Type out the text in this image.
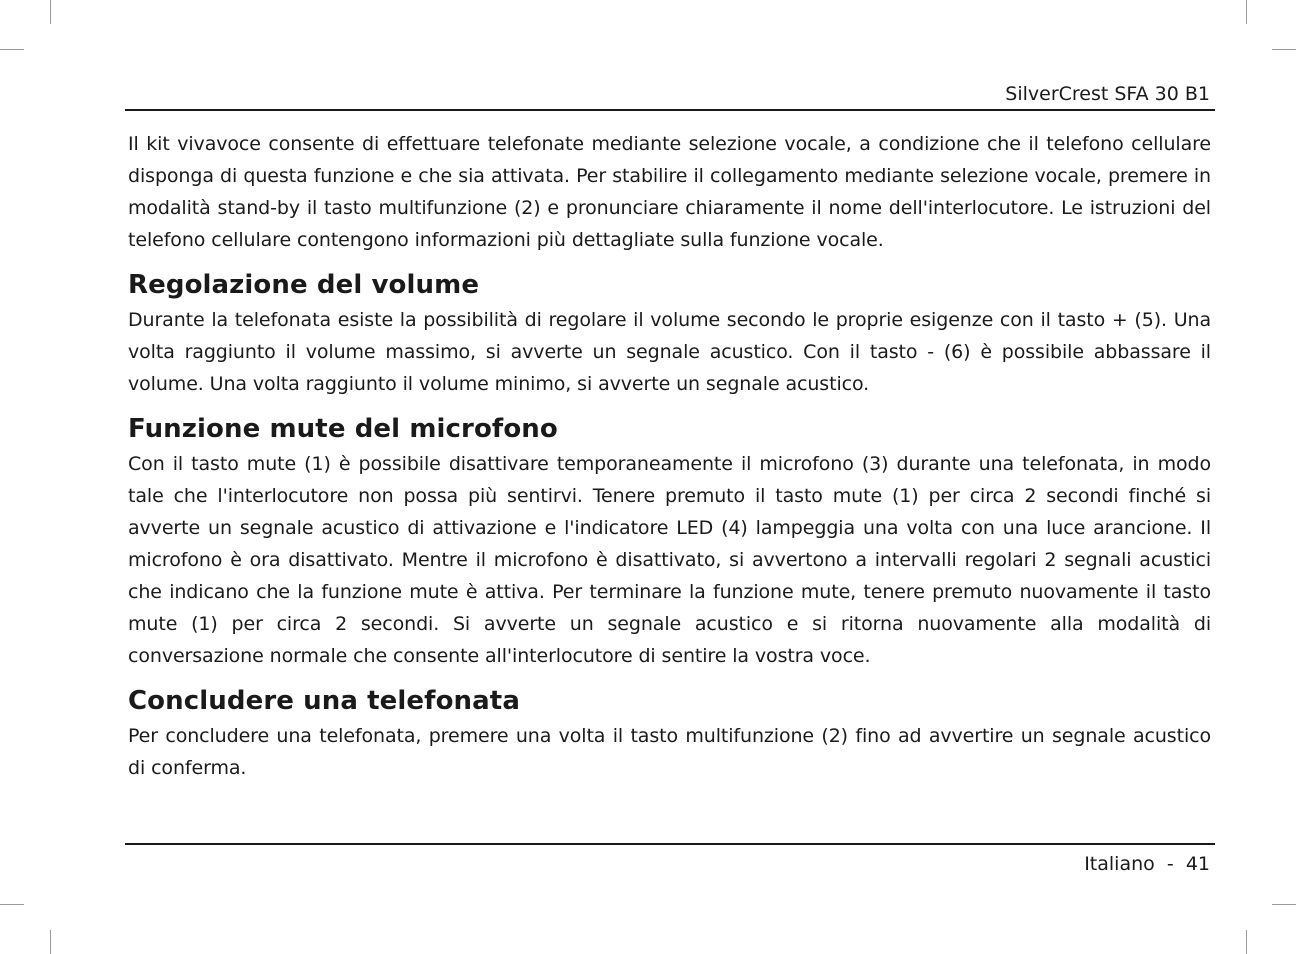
SilverCrest SFA 30 B1

Il kit vivavoce consente di effettuare telefonate mediante selezione vocale, a condizione che il telefono cellulare disponga di questa funzione e che sia attivata. Per stabilire il collegamento mediante selezione vocale, premere in modalità stand-by il tasto multifunzione (2) e pronunciare chiaramente il nome dell'interlocutore. Le istruzioni del telefono cellulare contengono informazioni più dettagliate sulla funzione vocale.

Regolazione del volume

Durante la telefonata esiste la possibilità di regolare il volume secondo le proprie esigenze con il tasto + (5). Una volta raggiunto il volume massimo, si avverte un segnale acustico. Con il tasto - (6) è possibile abbassare il volume. Una volta raggiunto il volume minimo, si avverte un segnale acustico.

Funzione mute del microfono

Con il tasto mute (1) è possibile disattivare temporaneamente il microfono (3) durante una telefonata, in modo tale che l'interlocutore non possa più sentirvi. Tenere premuto il tasto mute (1) per circa 2 secondi finché si avverte un segnale acustico di attivazione e l'indicatore LED (4) lampeggia una volta con una luce arancione. Il microfono è ora disattivato. Mentre il microfono è disattivato, si avvertono a intervalli regolari 2 segnali acustici che indicano che la funzione mute è attiva. Per terminare la funzione mute, tenere premuto nuovamente il tasto mute (1) per circa 2 secondi. Si avverte un segnale acustico e si ritorna nuovamente alla modalità di conversazione normale che consente all'interlocutore di sentire la vostra voce.

Concludere una telefonata

Per concludere una telefonata, premere una volta il tasto multifunzione (2) fino ad avvertire un segnale acustico di conferma.

Italiano - 41
